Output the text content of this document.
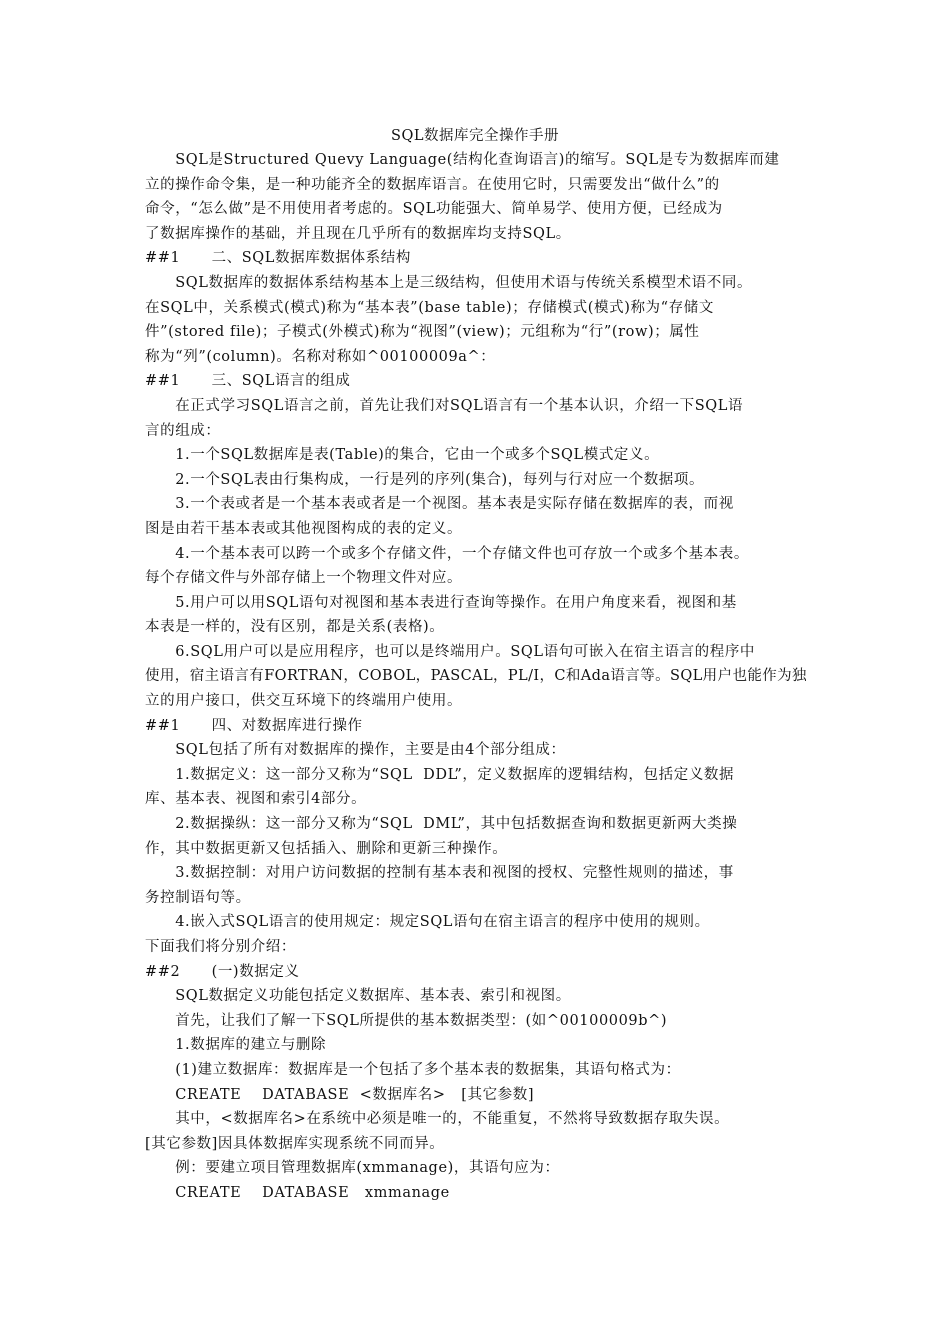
SQL数据库完全操作手册
　　SQL是Structured Quevy Language(结构化查询语言)的缩写。SQL是专为数据库而建
立的操作命令集，是一种功能齐全的数据库语言。在使用它时，只需要发出“做什么”的
命令，“怎么做”是不用使用者考虑的。SQL功能强大、简单易学、使用方便，已经成为
了数据库操作的基础，并且现在几乎所有的数据库均支持SQL。
##1      二、SQL数据库数据体系结构
　　SQL数据库的数据体系结构基本上是三级结构，但使用术语与传统关系模型术语不同。
在SQL中，关系模式(模式)称为“基本表”(base table)；存储模式(模式)称为“存储文
件”(stored file)；子模式(外模式)称为“视图”(view)；元组称为“行”(row)；属性
称为“列”(column)。名称对称如^00100009a^：
##1      三、SQL语言的组成
　　在正式学习SQL语言之前，首先让我们对SQL语言有一个基本认识，介绍一下SQL语
言的组成：
　　1.一个SQL数据库是表(Table)的集合，它由一个或多个SQL模式定义。
　　2.一个SQL表由行集构成，一行是列的序列(集合)，每列与行对应一个数据项。
　　3.一个表或者是一个基本表或者是一个视图。基本表是实际存储在数据库的表，而视
图是由若干基本表或其他视图构成的表的定义。
　　4.一个基本表可以跨一个或多个存储文件，一个存储文件也可存放一个或多个基本表。
每个存储文件与外部存储上一个物理文件对应。
　　5.用户可以用SQL语句对视图和基本表进行查询等操作。在用户角度来看，视图和基
本表是一样的，没有区别，都是关系(表格)。
　　6.SQL用户可以是应用程序，也可以是终端用户。SQL语句可嵌入在宿主语言的程序中
使用，宿主语言有FORTRAN，COBOL，PASCAL，PL/I，C和Ada语言等。SQL用户也能作为独
立的用户接口，供交互环境下的终端用户使用。
##1      四、对数据库进行操作
　　SQL包括了所有对数据库的操作，主要是由4个部分组成：
　　1.数据定义：这一部分又称为“SQL  DDL”，定义数据库的逻辑结构，包括定义数据
库、基本表、视图和索引4部分。
　　2.数据操纵：这一部分又称为“SQL  DML”，其中包括数据查询和数据更新两大类操
作，其中数据更新又包括插入、删除和更新三种操作。
　　3.数据控制：对用户访问数据的控制有基本表和视图的授权、完整性规则的描述，事
务控制语句等。
　　4.嵌入式SQL语言的使用规定：规定SQL语句在宿主语言的程序中使用的规则。
下面我们将分别介绍：
##2      (一)数据定义
　　SQL数据定义功能包括定义数据库、基本表、索引和视图。
　　首先，让我们了解一下SQL所提供的基本数据类型：(如^00100009b^)
　　1.数据库的建立与删除
　　(1)建立数据库：数据库是一个包括了多个基本表的数据集，其语句格式为：
　　CREATE    DATABASE  <数据库名>   [其它参数]
　　其中，<数据库名>在系统中必须是唯一的，不能重复，不然将导致数据存取失误。
[其它参数]因具体数据库实现系统不同而异。
　　例：要建立项目管理数据库(xmmanage)，其语句应为：
　　CREATE    DATABASE   xmmanage
